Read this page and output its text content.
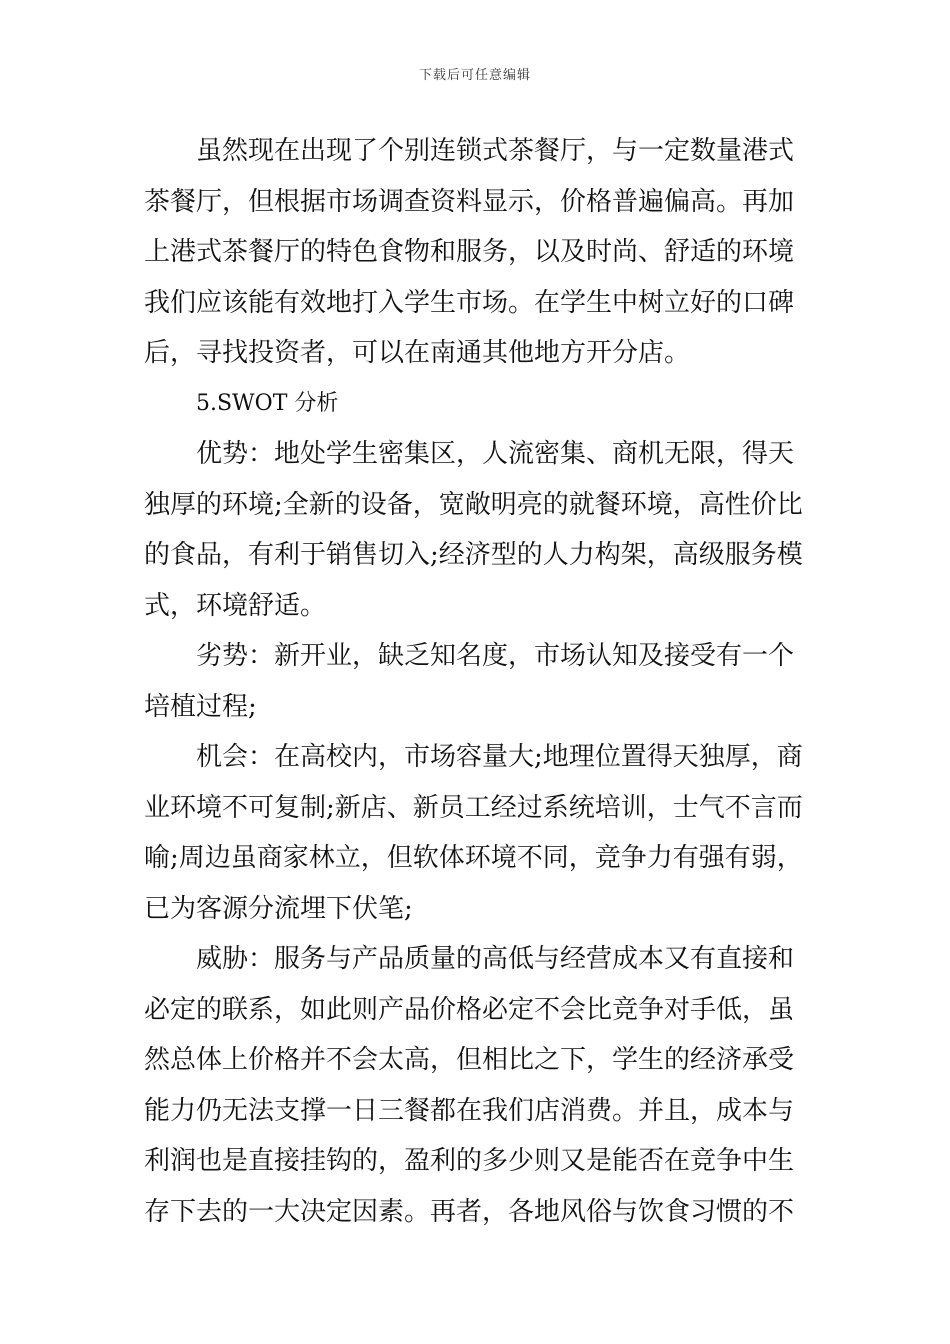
下载后可任意编辑
虽然现在出现了个别连锁式茶餐厅，与一定数量港式
茶餐厅，但根据市场调查资料显示，价格普遍偏高。再加
上港式茶餐厅的特色食物和服务，以及时尚、舒适的环境
我们应该能有效地打入学生市场。在学生中树立好的口碑
后，寻找投资者，可以在南通其他地方开分店。
5.SWOT 分析
优势：地处学生密集区，人流密集、商机无限，得天
独厚的环境;全新的设备，宽敞明亮的就餐环境，高性价比
的食品，有利于销售切入;经济型的人力构架，高级服务模
式，环境舒适。
劣势：新开业，缺乏知名度，市场认知及接受有一个
培植过程;
机会：在高校内，市场容量大;地理位置得天独厚，商
业环境不可复制;新店、新员工经过系统培训，士气不言而
喻;周边虽商家林立，但软体环境不同，竞争力有强有弱，
已为客源分流埋下伏笔;
威胁：服务与产品质量的高低与经营成本又有直接和
必定的联系，如此则产品价格必定不会比竞争对手低，虽
然总体上价格并不会太高，但相比之下，学生的经济承受
能力仍无法支撑一日三餐都在我们店消费。并且，成本与
利润也是直接挂钩的，盈利的多少则又是能否在竞争中生
存下去的一大决定因素。再者，各地风俗与饮食习惯的不
